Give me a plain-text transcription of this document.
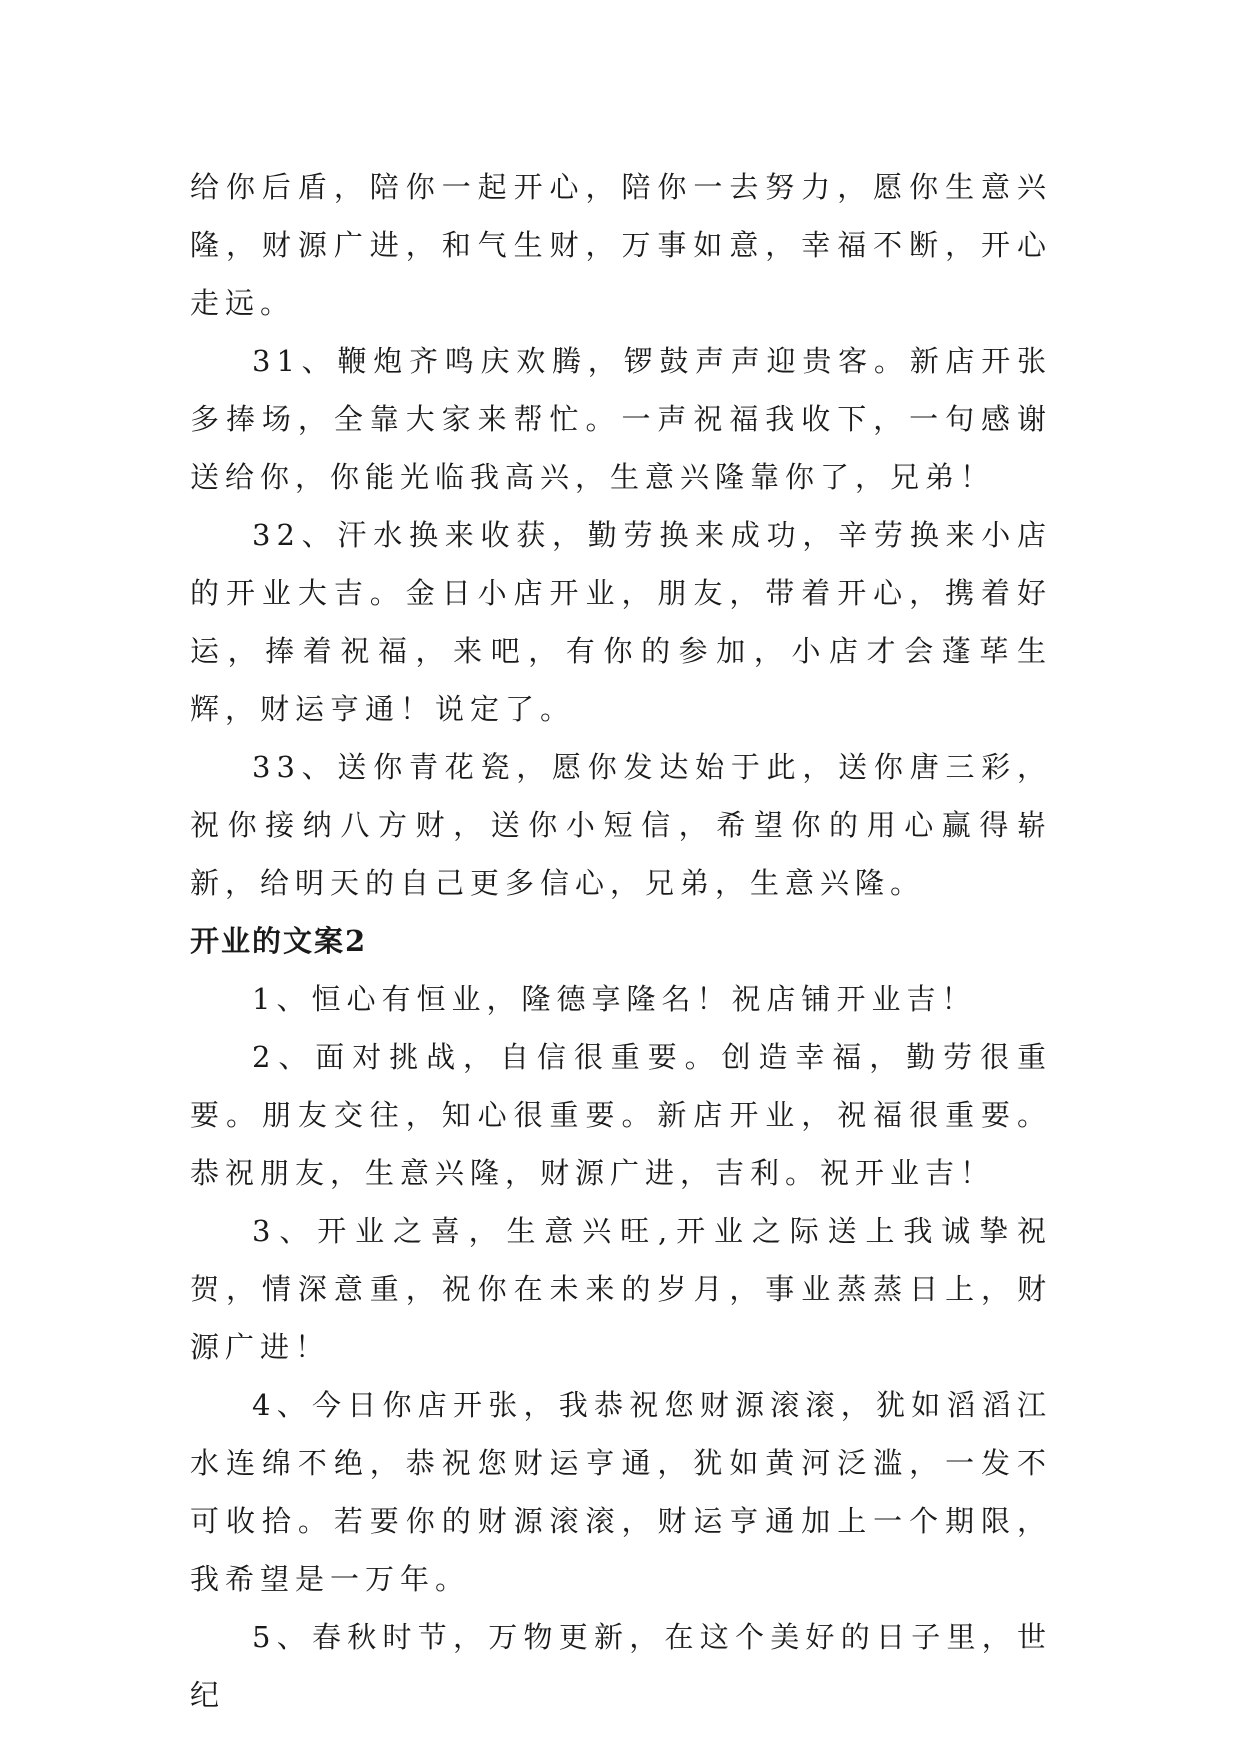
给你后盾，陪你一起开心，陪你一去努力，愿你生意兴隆，财源广进，和气生财，万事如意，幸福不断，开心走远。

31、鞭炮齐鸣庆欢腾，锣鼓声声迎贵客。新店开张多捧场，全靠大家来帮忙。一声祝福我收下，一句感谢送给你，你能光临我高兴，生意兴隆靠你了，兄弟！

32、汗水换来收获，勤劳换来成功，辛劳换来小店的开业大吉。金日小店开业，朋友，带着开心，携着好运，捧着祝福，来吧，有你的参加，小店才会蓬荜生辉，财运亨通！说定了。

33、送你青花瓷，愿你发达始于此，送你唐三彩，祝你接纳八方财，送你小短信，希望你的用心赢得崭新，给明天的自己更多信心，兄弟，生意兴隆。

开业的文案2

1、恒心有恒业，隆德享隆名！祝店铺开业吉！

2、面对挑战，自信很重要。创造幸福，勤劳很重要。朋友交往，知心很重要。新店开业，祝福很重要。恭祝朋友，生意兴隆，财源广进，吉利。祝开业吉！

3、开业之喜，生意兴旺,开业之际送上我诚挚祝贺，情深意重，祝你在未来的岁月，事业蒸蒸日上，财源广进！

4、今日你店开张，我恭祝您财源滚滚，犹如滔滔江水连绵不绝，恭祝您财运亨通，犹如黄河泛滥，一发不可收拾。若要你的财源滚滚，财运亨通加上一个期限，我希望是一万年。

5、春秋时节，万物更新，在这个美好的日子里，世纪
